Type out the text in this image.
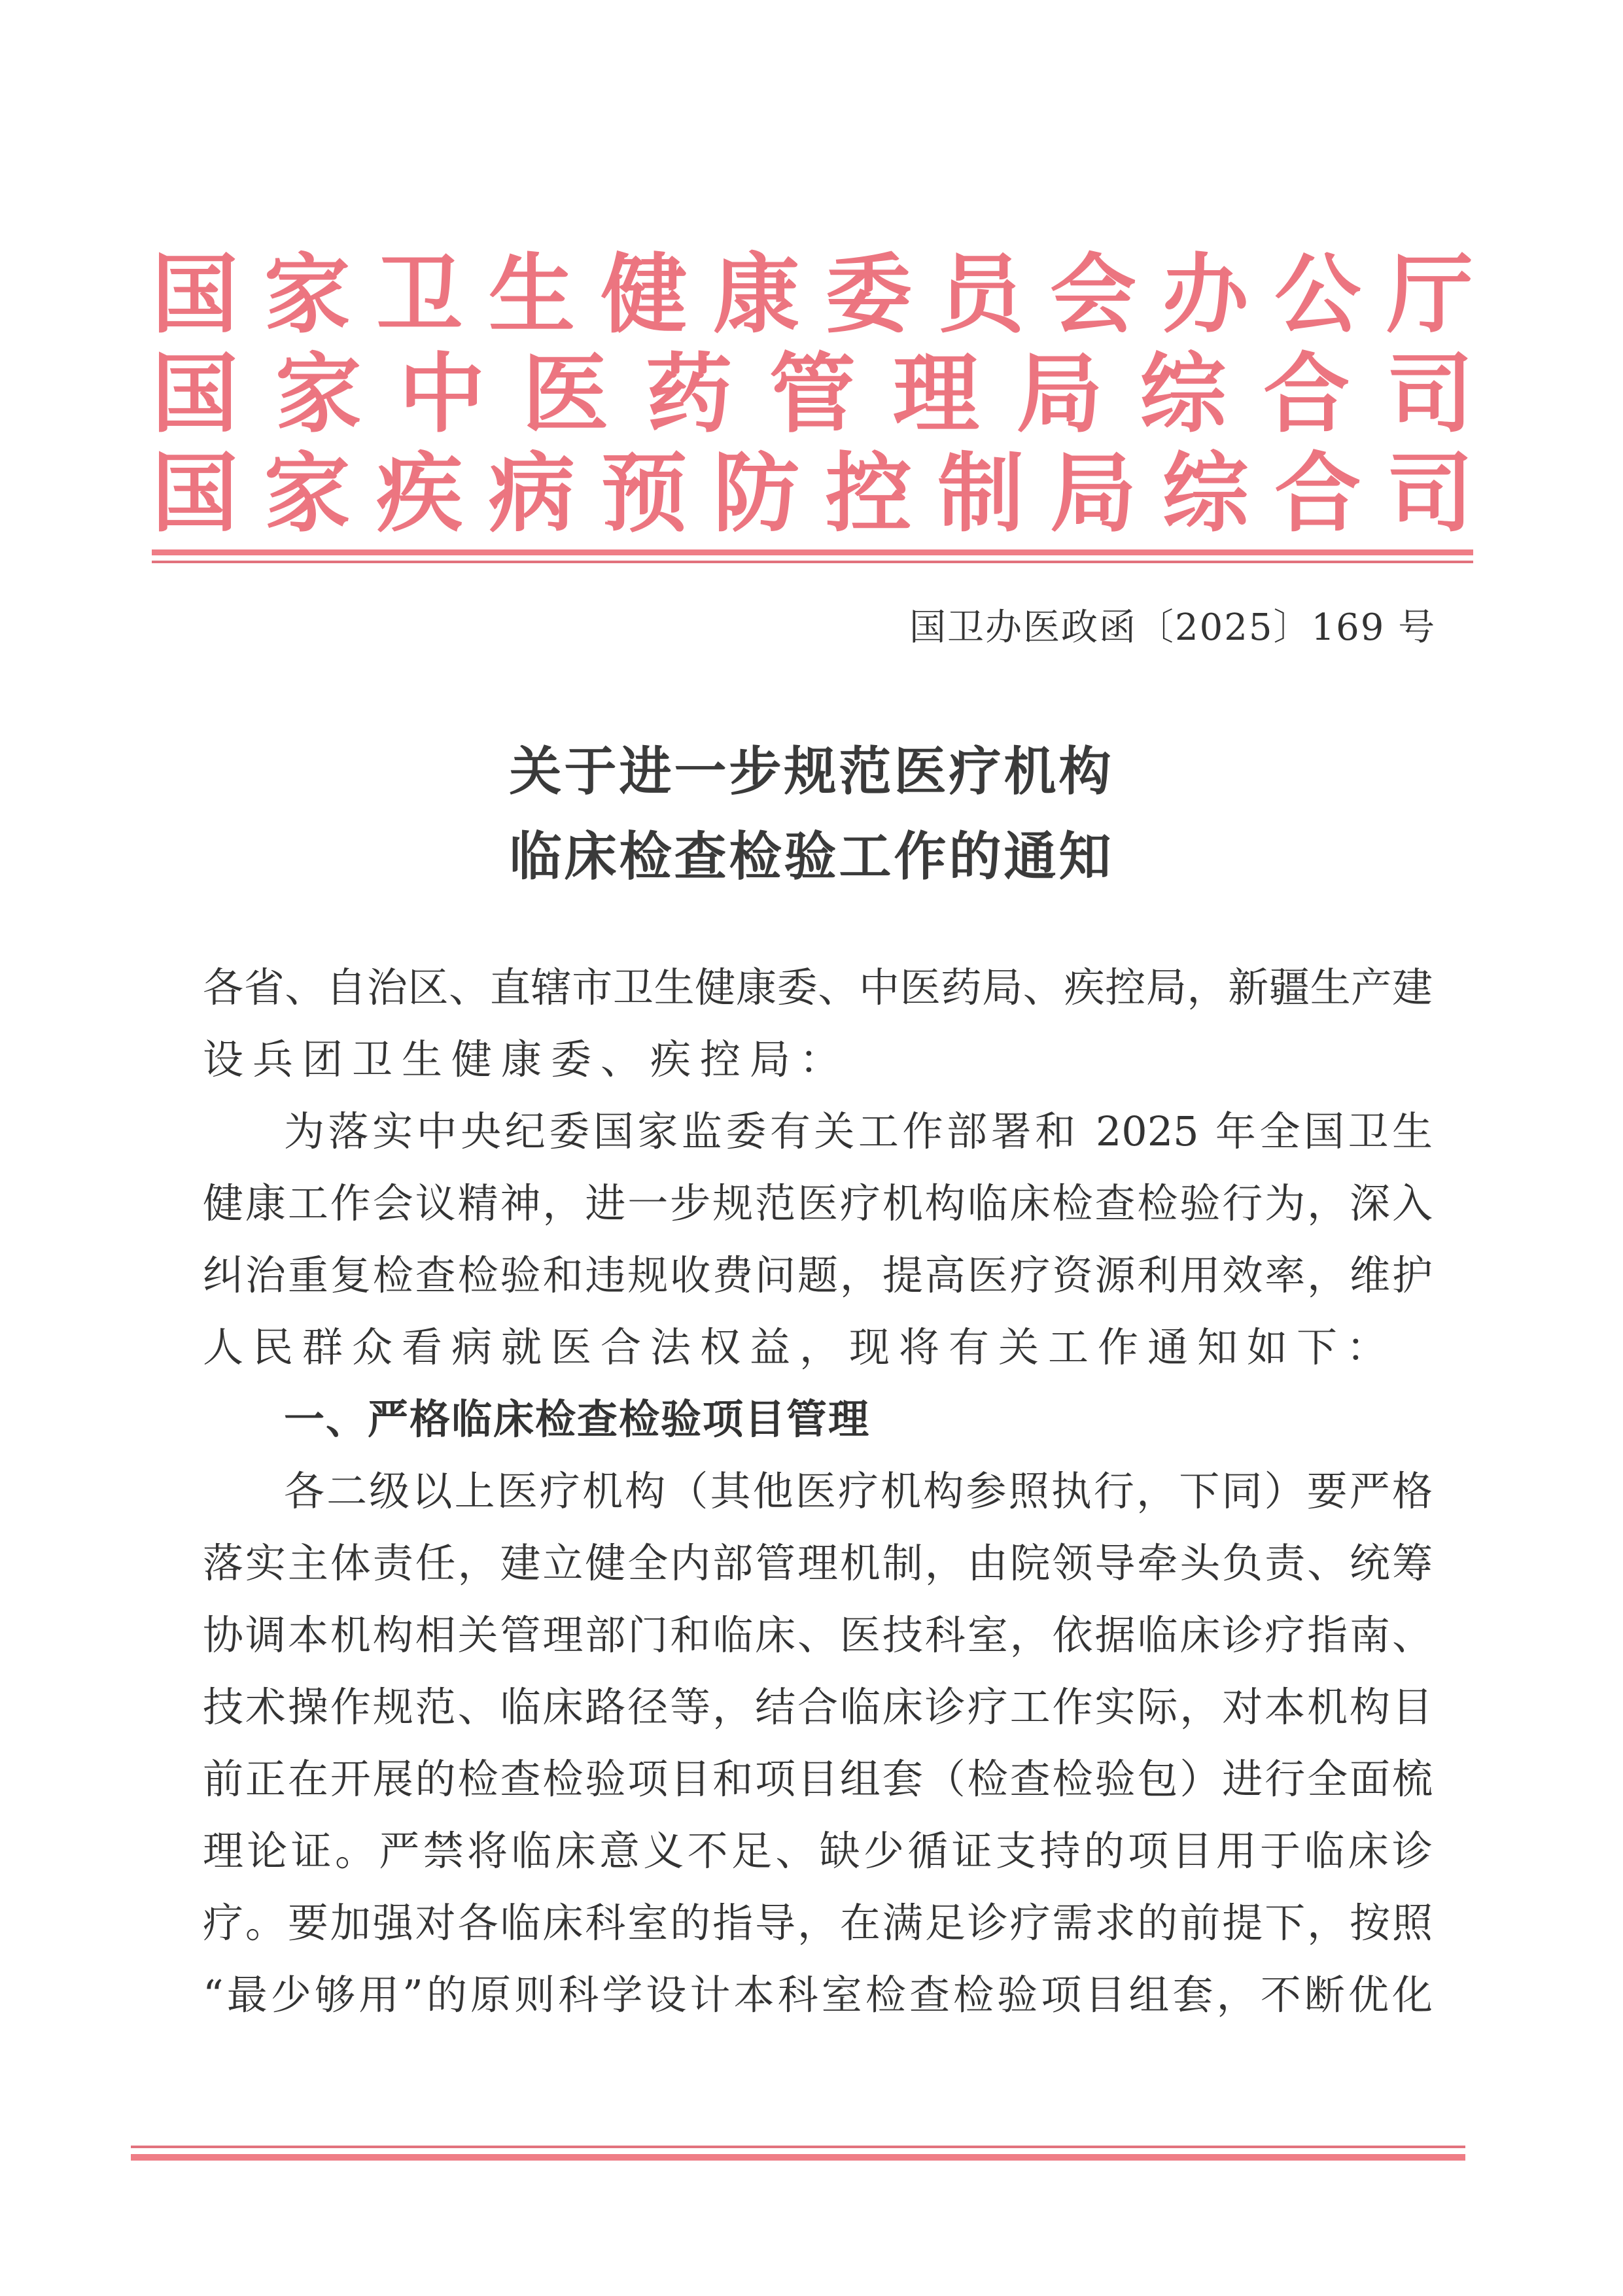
国 家 卫 生 健 康 委 员 会 办 公 厅
国 家 中 医 药 管 理 局 综 合 司
国 家 疾 病 预 防 控 制 局 综 合 司
国卫办医政函〔2025〕169 号
关于进一步规范医疗机构
临床检查检验工作的通知
各省、自治区、直辖市卫生健康委、中医药局、疾控局，新疆生产建
设兵团卫生健康委、疾控局：
为落实中央纪委国家监委有关工作部署和 2025 年全国卫生
健康工作会议精神，进一步规范医疗机构临床检查检验行为，深入
纠治重复检查检验和违规收费问题，提高医疗资源利用效率，维护
人民群众看病就医合法权益，现将有关工作通知如下：
一、严格临床检查检验项目管理
各二级以上医疗机构（其他医疗机构参照执行，下同）要严格
落实主体责任，建立健全内部管理机制，由院领导牵头负责、统筹
协调本机构相关管理部门和临床、医技科室，依据临床诊疗指南、
技术操作规范、临床路径等，结合临床诊疗工作实际，对本机构目
前正在开展的检查检验项目和项目组套（检查检验包）进行全面梳
理论证。严禁将临床意义不足、缺少循证支持的项目用于临床诊
疗。要加强对各临床科室的指导，在满足诊疗需求的前提下，按照
“最少够用”的原则科学设计本科室检查检验项目组套，不断优化
